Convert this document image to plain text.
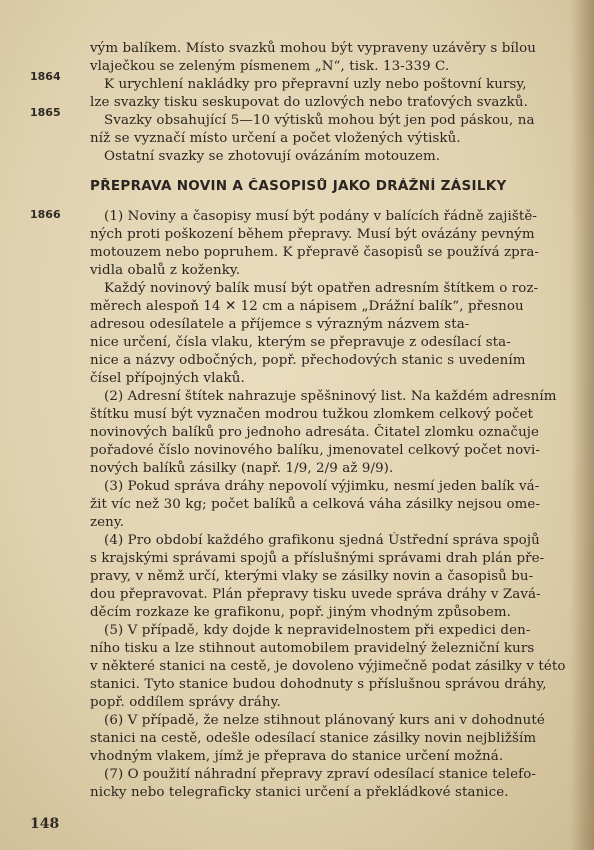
1864
1865
1866
vým balíkem. Místo svazků mohou být vypraveny uzávěry s bílou
vlaječkou se zeleným písmenem „N“, tisk. 13-339 C.
K urychlení nakládky pro přepravní uzly nebo poštovní kursy,
lze svazky tisku seskupovat do uzlových nebo traťových svazků.
Svazky obsahující 5—10 výtisků mohou být jen pod páskou, na
níž se vyznačí místo určení a počet vložených výtisků.
Ostatní svazky se zhotovují ovázáním motouzem.
PŘEPRAVA NOVIN A ČASOPISŮ JAKO DRÁŽNÍ ZÁSILKY
(1) Noviny a časopisy musí být podány v balících řádně zajiště-
ných proti poškození během přepravy. Musí být ovázány pevným
motouzem nebo popruhem. K přepravě časopisů se používá zpra-
vidla obalů z koženky.
Každý novinový balík musí být opatřen adresním štítkem o roz-
měrech alespoň 14 ✕ 12 cm a nápisem „Drážní balík“, přesnou
adresou odesílatele a příjemce s výrazným názvem sta-
nice určení, čísla vlaku, kterým se přepravuje z odesílací sta-
nice a názvy odbočných, popř. přechodových stanic s uvedením
čísel přípojných vlaků.
(2) Adresní štítek nahrazuje spěšninový list. Na každém adresním
štítku musí být vyznačen modrou tužkou zlomkem celkový počet
novinových balíků pro jednoho adresáta. Čitatel zlomku označuje
pořadové číslo novinového balíku, jmenovatel celkový počet novi-
nových balíků zásilky (např. 1/9, 2/9 až 9/9).
(3) Pokud správa dráhy nepovolí výjimku, nesmí jeden balík vá-
žit víc než 30 kg; počet balíků a celková váha zásilky nejsou ome-
zeny.
(4) Pro období každého grafikonu sjedná Ústřední správa spojů
s krajskými správami spojů a příslušnými správami drah plán pře-
pravy, v němž určí, kterými vlaky se zásilky novin a časopisů bu-
dou přepravovat. Plán přepravy tisku uvede správa dráhy v Zavá-
děcím rozkaze ke grafikonu, popř. jiným vhodným způsobem.
(5) V případě, kdy dojde k nepravidelnostem při expedici den-
ního tisku a lze stihnout automobilem pravidelný železniční kurs
v některé stanici na cestě, je dovoleno výjimečně podat zásilky v této
stanici. Tyto stanice budou dohodnuty s příslušnou správou dráhy,
popř. oddílem správy dráhy.
(6) V případě, že nelze stihnout plánovaný kurs ani v dohodnuté
stanici na cestě, odešle odesílací stanice zásilky novin nejbližším
vhodným vlakem, jímž je přeprava do stanice určení možná.
(7) O použití náhradní přepravy zpraví odesílací stanice telefo-
nicky nebo telegraficky stanici určení a překládkové stanice.
148
